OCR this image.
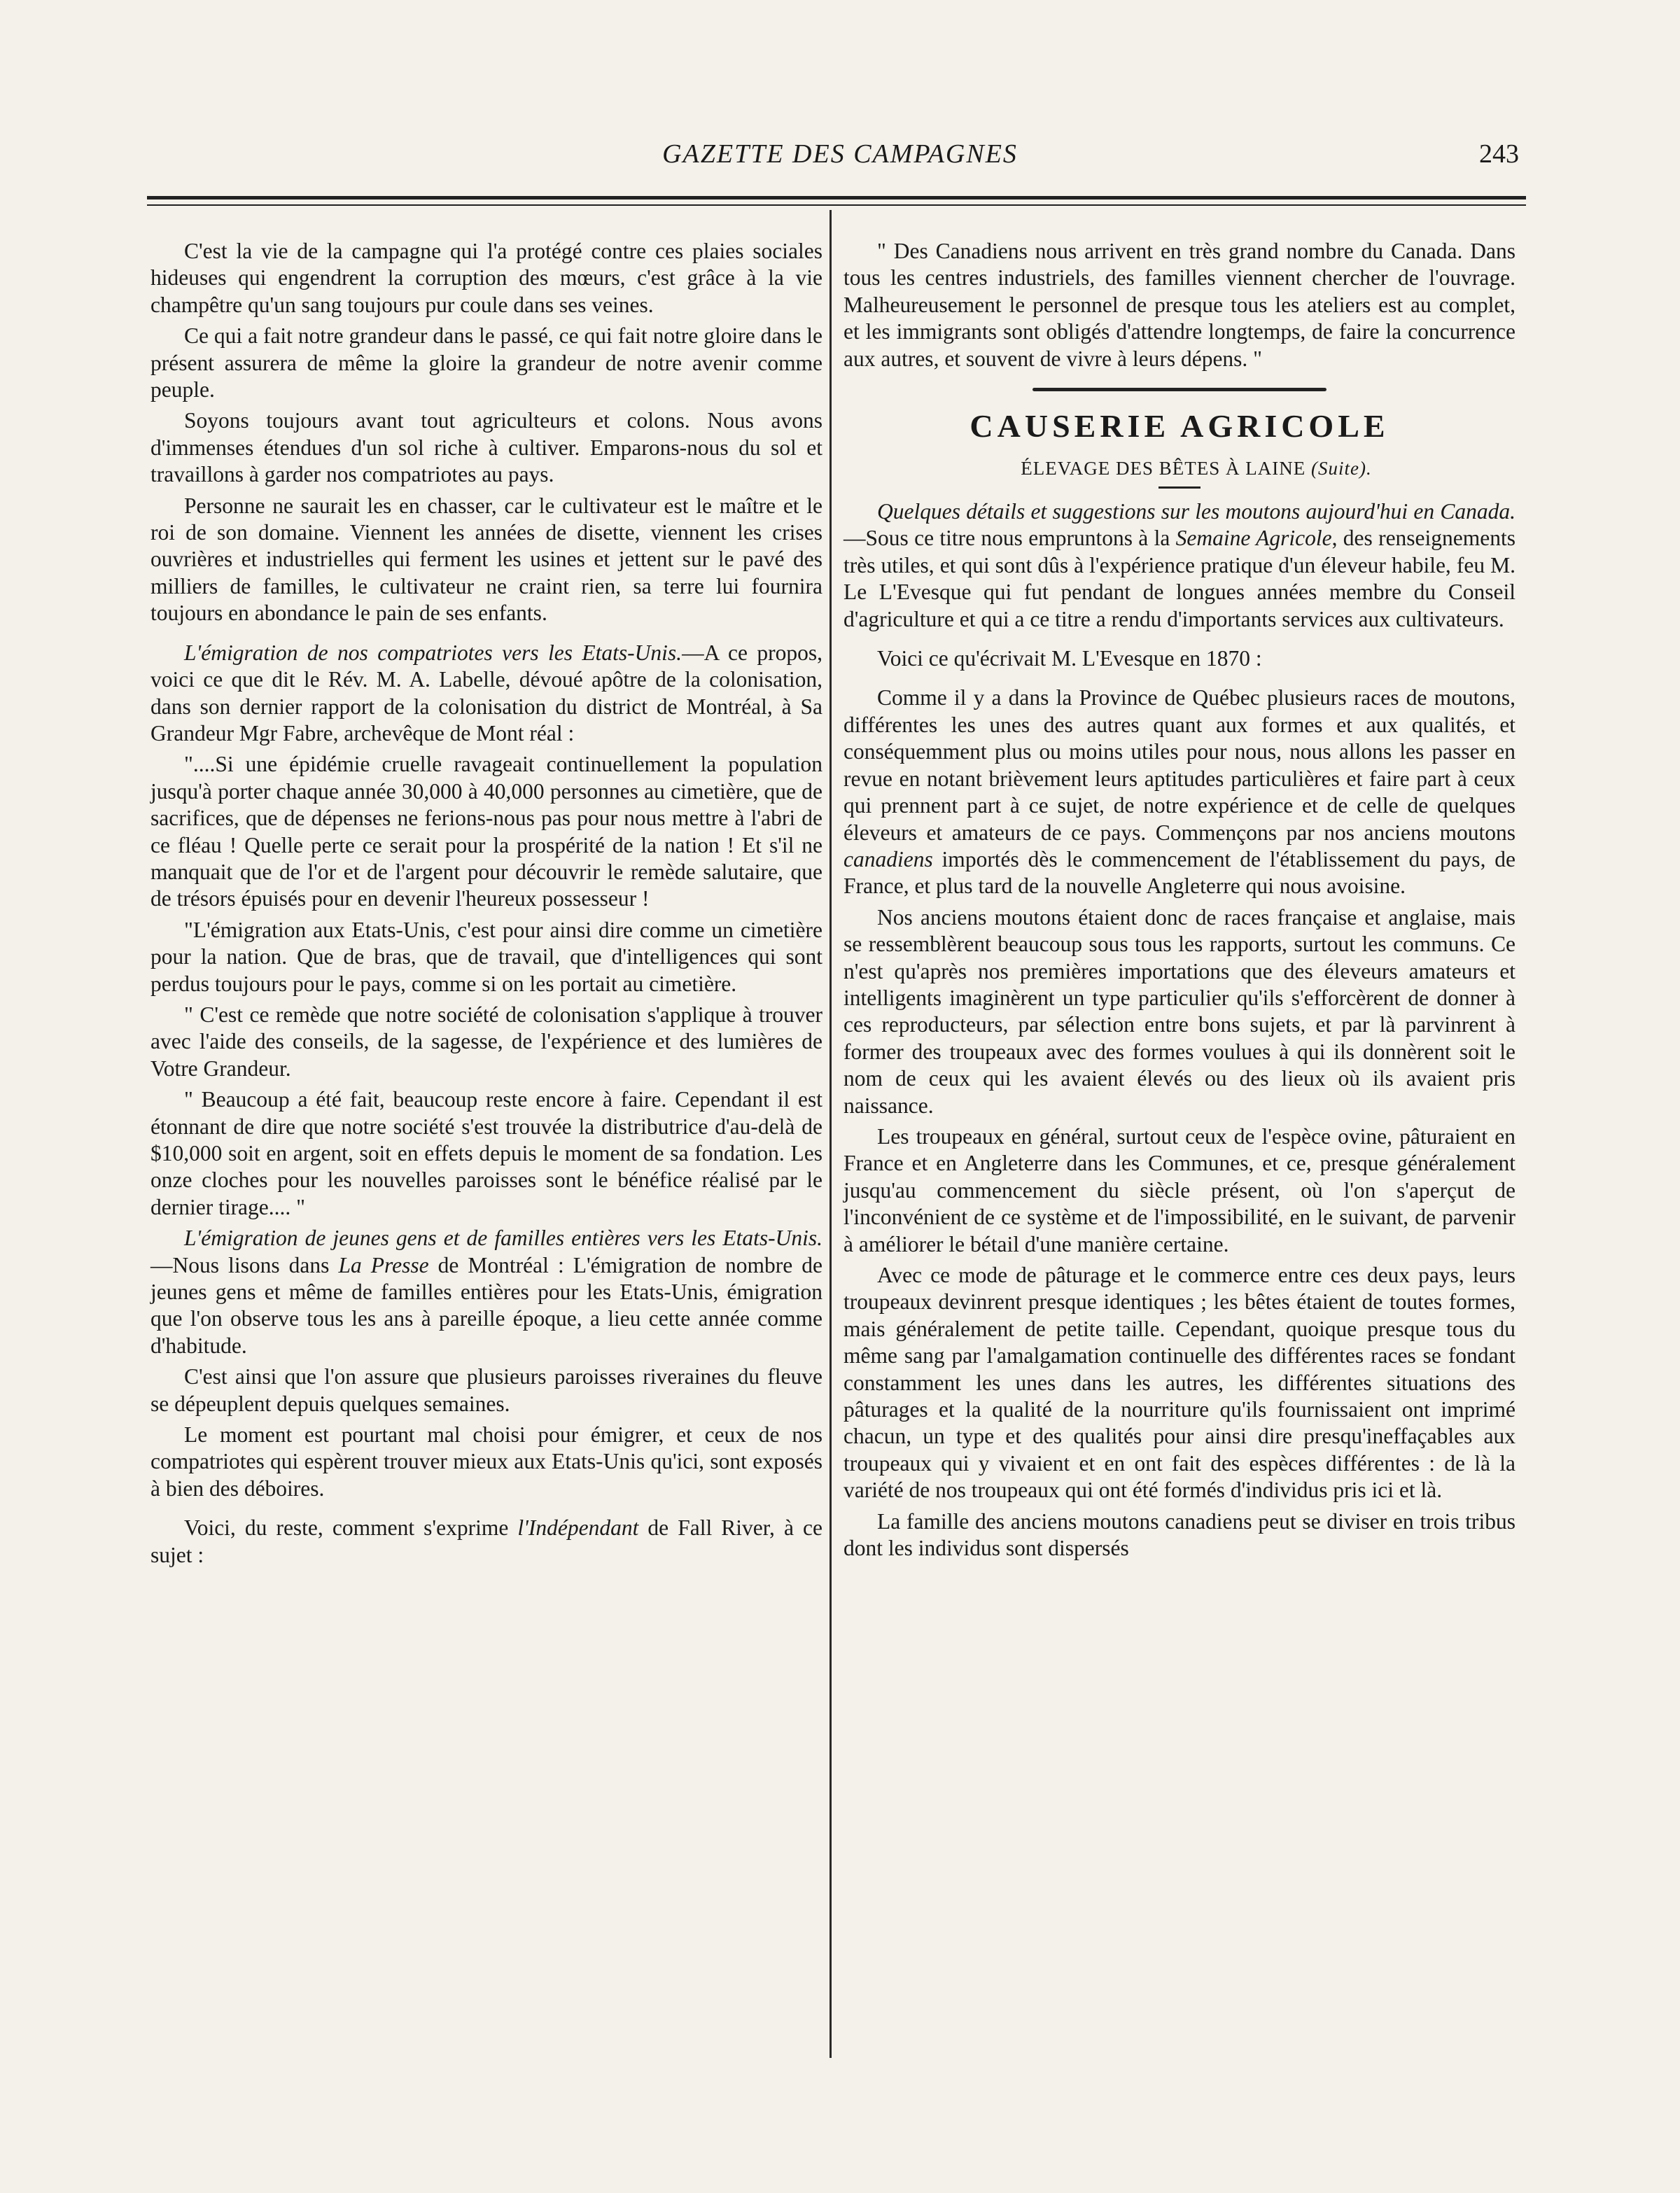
GAZETTE DES CAMPAGNES	243

C'est la vie de la campagne qui l'a protégé contre ces plaies sociales hideuses qui engendrent la corruption des mœurs, c'est grâce à la vie champêtre qu'un sang toujours pur coule dans ses veines.

Ce qui a fait notre grandeur dans le passé, ce qui fait notre gloire dans le présent assurera de même la gloire la grandeur de notre avenir comme peuple.

Soyons toujours avant tout agriculteurs et colons. Nous avons d'immenses étendues d'un sol riche à cultiver. Emparons-nous du sol et travaillons à garder nos compatriotes au pays.

Personne ne saurait les en chasser, car le cultivateur est le maître et le roi de son domaine. Viennent les années de disette, viennent les crises ouvrières et industrielles qui ferment les usines et jettent sur le pavé des milliers de familles, le cultivateur ne craint rien, sa terre lui fournira toujours en abondance le pain de ses enfants.

L'émigration de nos compatriotes vers les Etats-Unis.—A ce propos, voici ce que dit le Rév. M. A. Labelle, dévoué apôtre de la colonisation, dans son dernier rapport de la colonisation du district de Montréal, à Sa Grandeur Mgr Fabre, archevêque de Mont réal :

"....Si une épidémie cruelle ravageait continuellement la population jusqu'à porter chaque année 30,000 à 40,000 personnes au cimetière, que de sacrifices, que de dépenses ne ferions-nous pas pour nous mettre à l'abri de ce fléau ! Quelle perte ce serait pour la prospérité de la nation ! Et s'il ne manquait que de l'or et de l'argent pour découvrir le remède salutaire, que de trésors épuisés pour en devenir l'heureux possesseur !

"L'émigration aux Etats-Unis, c'est pour ainsi dire comme un cimetière pour la nation. Que de bras, que de travail, que d'intelligences qui sont perdus toujours pour le pays, comme si on les portait au cimetière.

" C'est ce remède que notre société de colonisation s'applique à trouver avec l'aide des conseils, de la sagesse, de l'expérience et des lumières de Votre Grandeur.

" Beaucoup a été fait, beaucoup reste encore à faire. Cependant il est étonnant de dire que notre société s'est trouvée la distributrice d'au-delà de $10,000 soit en argent, soit en effets depuis le moment de sa fondation. Les onze cloches pour les nouvelles paroisses sont le bénéfice réalisé par le dernier tirage.... "

L'émigration de jeunes gens et de familles entières vers les Etats-Unis.—Nous lisons dans La Presse de Montréal : L'émigration de nombre de jeunes gens et même de familles entières pour les Etats-Unis, émigration que l'on observe tous les ans à pareille époque, a lieu cette année comme d'habitude.

C'est ainsi que l'on assure que plusieurs paroisses riveraines du fleuve se dépeuplent depuis quelques semaines.

Le moment est pourtant mal choisi pour émigrer, et ceux de nos compatriotes qui espèrent trouver mieux aux Etats-Unis qu'ici, sont exposés à bien des déboires.

Voici, du reste, comment s'exprime l'Indépendant de Fall River, à ce sujet :

" Des Canadiens nous arrivent en très grand nombre du Canada. Dans tous les centres industriels, des familles viennent chercher de l'ouvrage. Malheureusement le personnel de presque tous les ateliers est au complet, et les immigrants sont obligés d'attendre longtemps, de faire la concurrence aux autres, et souvent de vivre à leurs dépens. "

CAUSERIE AGRICOLE

ÉLEVAGE DES BÊTES À LAINE (Suite).

Quelques détails et suggestions sur les moutons aujourd'hui en Canada.—Sous ce titre nous empruntons à la Semaine Agricole, des renseignements très utiles, et qui sont dûs à l'expérience pratique d'un éleveur habile, feu M. Le L'Evesque qui fut pendant de longues années membre du Conseil d'agriculture et qui a ce titre a rendu d'importants services aux cultivateurs.

Voici ce qu'écrivait M. L'Evesque en 1870 :

Comme il y a dans la Province de Québec plusieurs races de moutons, différentes les unes des autres quant aux formes et aux qualités, et conséquemment plus ou moins utiles pour nous, nous allons les passer en revue en notant brièvement leurs aptitudes particulières et faire part à ceux qui prennent part à ce sujet, de notre expérience et de celle de quelques éleveurs et amateurs de ce pays. Commençons par nos anciens moutons canadiens importés dès le commencement de l'établissement du pays, de France, et plus tard de la nouvelle Angleterre qui nous avoisine.

Nos anciens moutons étaient donc de races française et anglaise, mais se ressemblèrent beaucoup sous tous les rapports, surtout les communs. Ce n'est qu'après nos premières importations que des éleveurs amateurs et intelligents imaginèrent un type particulier qu'ils s'efforcèrent de donner à ces reproducteurs, par sélection entre bons sujets, et par là parvinrent à former des troupeaux avec des formes voulues à qui ils donnèrent soit le nom de ceux qui les avaient élevés ou des lieux où ils avaient pris naissance.

Les troupeaux en général, surtout ceux de l'espèce ovine, pâturaient en France et en Angleterre dans les Communes, et ce, presque généralement jusqu'au commencement du siècle présent, où l'on s'aperçut de l'inconvénient de ce système et de l'impossibilité, en le suivant, de parvenir à améliorer le bétail d'une manière certaine.

Avec ce mode de pâturage et le commerce entre ces deux pays, leurs troupeaux devinrent presque identiques ; les bêtes étaient de toutes formes, mais généralement de petite taille. Cependant, quoique presque tous du même sang par l'amalgamation continuelle des différentes races se fondant constamment les unes dans les autres, les différentes situations des pâturages et la qualité de la nourriture qu'ils fournissaient ont imprimé chacun, un type et des qualités pour ainsi dire presqu'ineffaçables aux troupeaux qui y vivaient et en ont fait des espèces différentes : de là la variété de nos troupeaux qui ont été formés d'individus pris ici et là.

La famille des anciens moutons canadiens peut se diviser en trois tribus dont les individus sont dispersés
